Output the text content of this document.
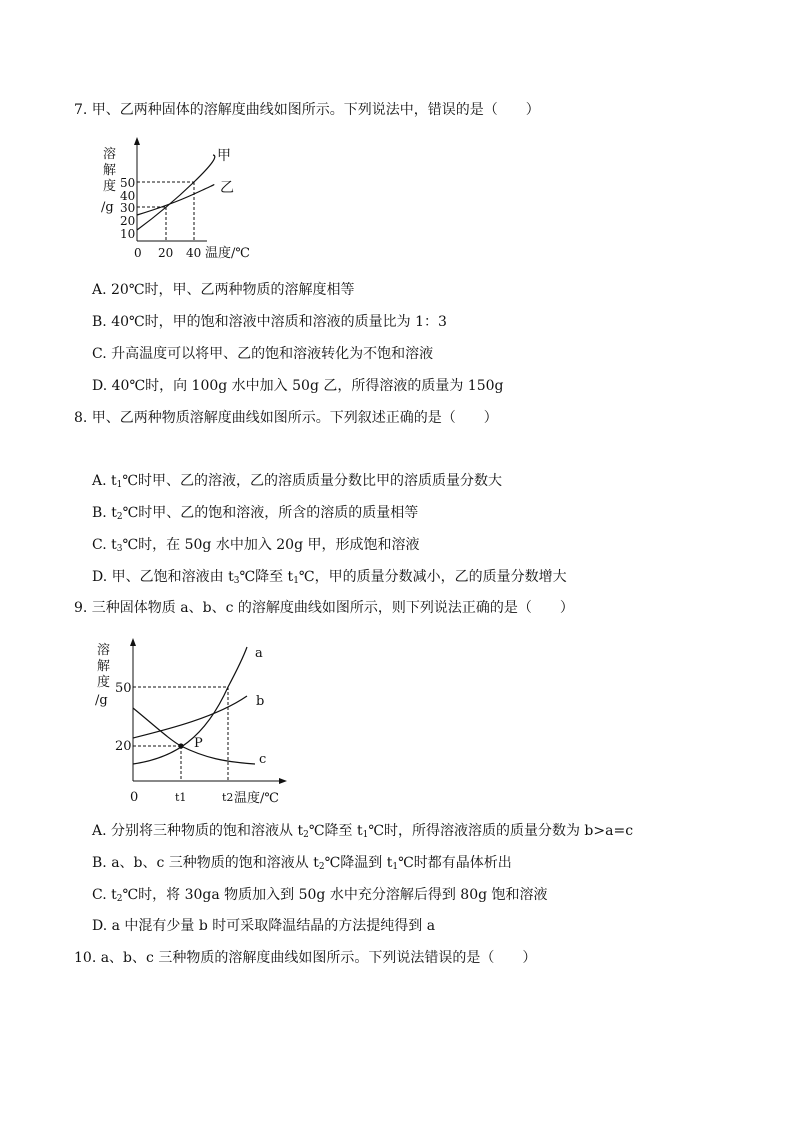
7. 甲、乙两种固体的溶解度曲线如图所示。下列说法中，错误的是（　　）
溶
解
度
/g
50
40
30
20
10
甲
乙
0 20 40 温度/℃
A. 20℃时，甲、乙两种物质的溶解度相等
B. 40℃时，甲的饱和溶液中溶质和溶液的质量比为 1：3
C. 升高温度可以将甲、乙的饱和溶液转化为不饱和溶液
D. 40℃时，向 100g 水中加入 50g 乙，所得溶液的质量为 150g
8. 甲、乙两种物质溶解度曲线如图所示。下列叙述正确的是（　　）
A. $t_1℃$时甲、乙的溶液，乙的溶质质量分数比甲的溶质质量分数大
B. $t_2℃$时甲、乙的饱和溶液，所含的溶质的质量相等
C. $t_3℃$时，在 50g 水中加入 20g 甲，形成饱和溶液
D. 甲、乙饱和溶液由 $t_3℃$降至 $t_1℃$，甲的质量分数减小，乙的质量分数增大
9. 三种固体物质 a、b、c 的溶解度曲线如图所示，则下列说法正确的是（　　）
溶
解
度
/g
50
20	P
a
b
c
0	t1	t2 温度/℃
A. 分别将三种物质的饱和溶液从 $t_2℃$降至 $t_1℃$时，所得溶液溶质的质量分数为 b>a=c
B. a、b、c 三种物质的饱和溶液从 $t_2℃$降温到 $t_1℃$时都有晶体析出
C. $t_2℃$时，将 30ga 物质加入到 50g 水中充分溶解后得到 80g 饱和溶液
D. a 中混有少量 b 时可采取降温结晶的方法提纯得到 a
10. a、b、c 三种物质的溶解度曲线如图所示。下列说法错误的是（　　）
